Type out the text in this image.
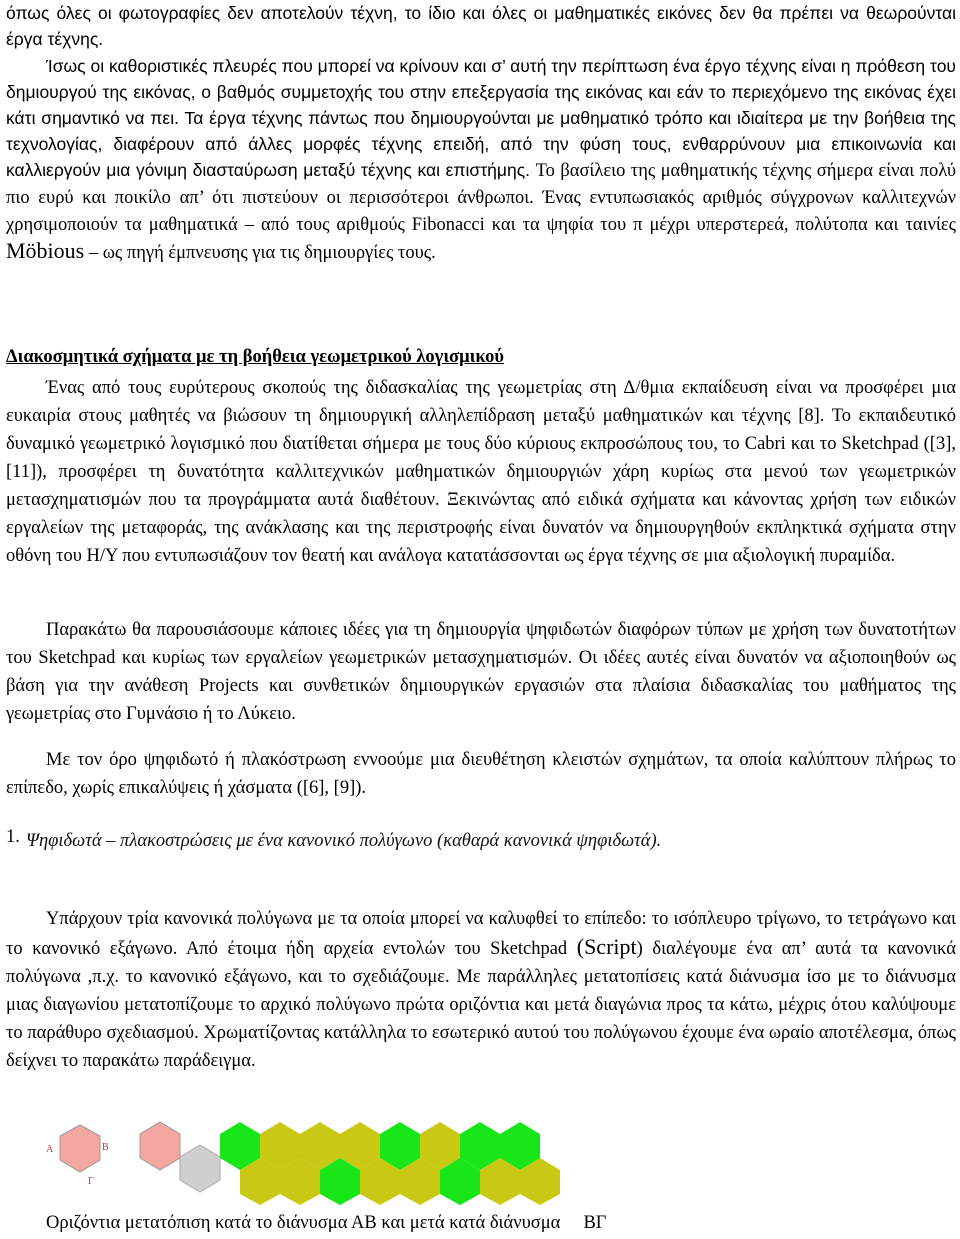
όπως όλες οι φωτογραφίες δεν αποτελούν τέχνη, το ίδιο και όλες οι μαθηματικές εικόνες δεν θα πρέπει να θεωρούνται έργα τέχνης.

Ίσως οι καθοριστικές πλευρές που μπορεί να κρίνουν και σ’ αυτή την περίπτωση ένα έργο τέχνης είναι η πρόθεση του δημιουργού της εικόνας, ο βαθμός συμμετοχής του στην επεξεργασία της εικόνας και εάν το περιεχόμενο της εικόνας έχει κάτι σημαντικό να πει. Τα έργα τέχνης πάντως που δημιουργούνται με μαθηματικό τρόπο και ιδιαίτερα με την βοήθεια της τεχνολογίας, διαφέρουν από άλλες μορφές τέχνης επειδή, από την φύση τους, ενθαρρύνουν μια επικοινωνία και καλλιεργούν μια γόνιμη διασταύρωση μεταξύ τέχνης και επιστήμης. Το βασίλειο της μαθηματικής τέχνης σήμερα είναι πολύ πιο ευρύ και ποικίλο απ’ ότι πιστεύουν οι περισσότεροι άνθρωποι. Ένας εντυπωσιακός αριθμός σύγχρονων καλλιτεχνών χρησιμοποιούν τα μαθηματικά – από τους αριθμούς Fibonacci και τα ψηφία του π μέχρι υπερστερεά, πολύτοπα και ταινίες Möbious – ως πηγή έμπνευσης για τις δημιουργίες τους.

Διακοσμητικά σχήματα με τη βοήθεια γεωμετρικού λογισμικού

Ένας από τους ευρύτερους σκοπούς της διδασκαλίας της γεωμετρίας στη Δ/θμια εκπαίδευση είναι να προσφέρει μια ευκαιρία στους μαθητές να βιώσουν τη δημιουργική αλληλεπίδραση μεταξύ μαθηματικών και τέχνης [8]. Το εκπαιδευτικό δυναμικό γεωμετρικό λογισμικό που διατίθεται σήμερα με τους δύο κύριους εκπροσώπους του, το Cabri και το Sketchpad ([3], [11]), προσφέρει τη δυνατότητα καλλιτεχνικών μαθηματικών δημιουργιών χάρη κυρίως στα μενού των γεωμετρικών μετασχηματισμών που τα προγράμματα αυτά διαθέτουν. Ξεκινώντας από ειδικά σχήματα και κάνοντας χρήση των ειδικών εργαλείων της μεταφοράς, της ανάκλασης και της περιστροφής είναι δυνατόν να δημιουργηθούν εκπληκτικά σχήματα στην οθόνη του Η/Υ που εντυπωσιάζουν τον θεατή και ανάλογα κατατάσσονται ως έργα τέχνης σε μια αξιολογική πυραμίδα.

Παρακάτω θα παρουσιάσουμε κάποιες ιδέες για τη δημιουργία ψηφιδωτών διαφόρων τύπων με χρήση των δυνατοτήτων του Sketchpad και κυρίως των εργαλείων γεωμετρικών μετασχηματισμών. Οι ιδέες αυτές είναι δυνατόν να αξιοποιηθούν ως βάση για την ανάθεση Projects και συνθετικών δημιουργικών εργασιών στα πλαίσια διδασκαλίας του μαθήματος της γεωμετρίας στο Γυμνάσιο ή το Λύκειο.

Με τον όρο ψηφιδωτό ή πλακόστρωση εννοούμε μια διευθέτηση κλειστών σχημάτων, τα οποία καλύπτουν πλήρως το επίπεδο, χωρίς επικαλύψεις ή χάσματα ([6], [9]).

1. Ψηφιδωτά – πλακοστρώσεις με ένα κανονικό πολύγωνο (καθαρά κανονικά ψηφιδωτά).

Υπάρχουν τρία κανονικά πολύγωνα με τα οποία μπορεί να καλυφθεί το επίπεδο: το ισόπλευρο τρίγωνο, το τετράγωνο και το κανονικό εξάγωνο. Από έτοιμα ήδη αρχεία εντολών του Sketchpad (Script) διαλέγουμε ένα απ’ αυτά τα κανονικά πολύγωνα ,π.χ. το κανονικό εξάγωνο, και το σχεδιάζουμε. Με παράλληλες μετατοπίσεις κατά διάνυσμα ίσο με το διάνυσμα μιας διαγωνίου μετατοπίζουμε το αρχικό πολύγωνο πρώτα οριζόντια και μετά διαγώνια προς τα κάτω, μέχρις ότου καλύψουμε το παράθυρο σχεδιασμού. Χρωματίζοντας κατάλληλα το εσωτερικό αυτού του πολύγωνου έχουμε ένα ωραίο αποτέλεσμα, όπως δείχνει το παρακάτω παράδειγμα.

Α	Β
Γ
Οριζόντια μετατόπιση κατά το διάνυσμα ΑΒ και μετά κατά διάνυσμα     ΒΓ
